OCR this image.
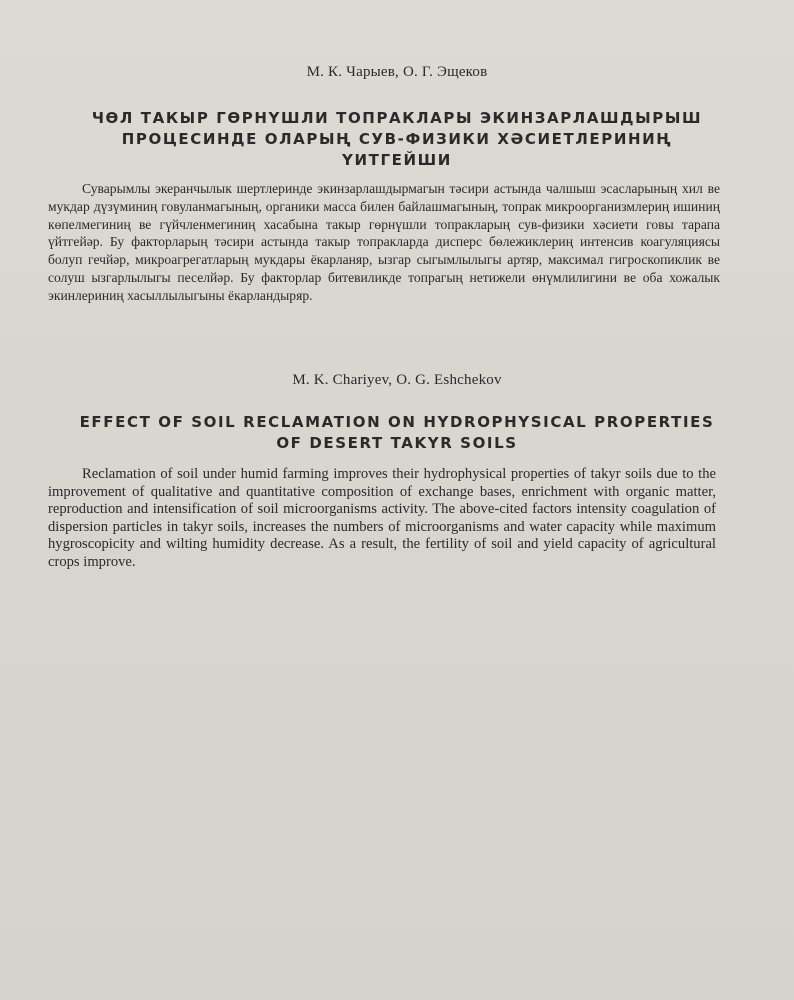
М. К. Чарыев, О. Г. Эщеков
ЧӨЛ ТАКЫР ГӨРНҮШЛИ ТОПРАКЛАРЫ ЭКИНЗАРЛАШДЫРЫШ
ПРОЦЕСИНДЕ ОЛАРЫҢ СУВ-ФИЗИКИ ХӘСИЕТЛЕРИНИҢ
ҮИТГЕЙШИ

Суварымлы экеранчылык шертлеринде экинзарлашдырмагын тәсири астында чалшыш эсасларының хил ве мукдар дүзүминиң говуланмагының, органики масса билен байлашмагының, топрак микроорганизмлериң ишиниң көпелмегиниң ве гүйчленмегиниң хасабына такыр гөрнүшли топракларың сув-физики хәсиети говы тарапа үйтгейәр. Бу факторларың тәсири астында такыр топракларда дисперс бөлежиклериң интенсив коагуляциясы болуп гечйәр, микроагрегатларың мукдары ёкарланяр, ызгар сыгымлылыгы артяр, максимал гигроскопиклик ве солуш ызгарлылыгы песелйәр. Бу факторлар битевиликде топрагың нетижели өнүмлилигини ве оба хожалык экинлериниң хасыллылыгыны ёкарландыряр.

M. K. Chariyev, O. G. Eshchekov
EFFECT OF SOIL RECLAMATION ON HYDROPHYSICAL PROPERTIES
OF DESERT TAKYR SOILS

Reclamation of soil under humid farming improves their hydrophysical properties of takyr soils due to the improvement of qualitative and quantitative composition of exchange bases, enrichment with organic matter, reproduction and intensification of soil microorganisms activity. The above-cited factors intensity coagulation of dispersion particles in takyr soils, increases the numbers of microorganisms and water capacity while maximum hygroscopicity and wilting humidity decrease. As a result, the fertility of soil and yield capacity of agricultural crops improve.
